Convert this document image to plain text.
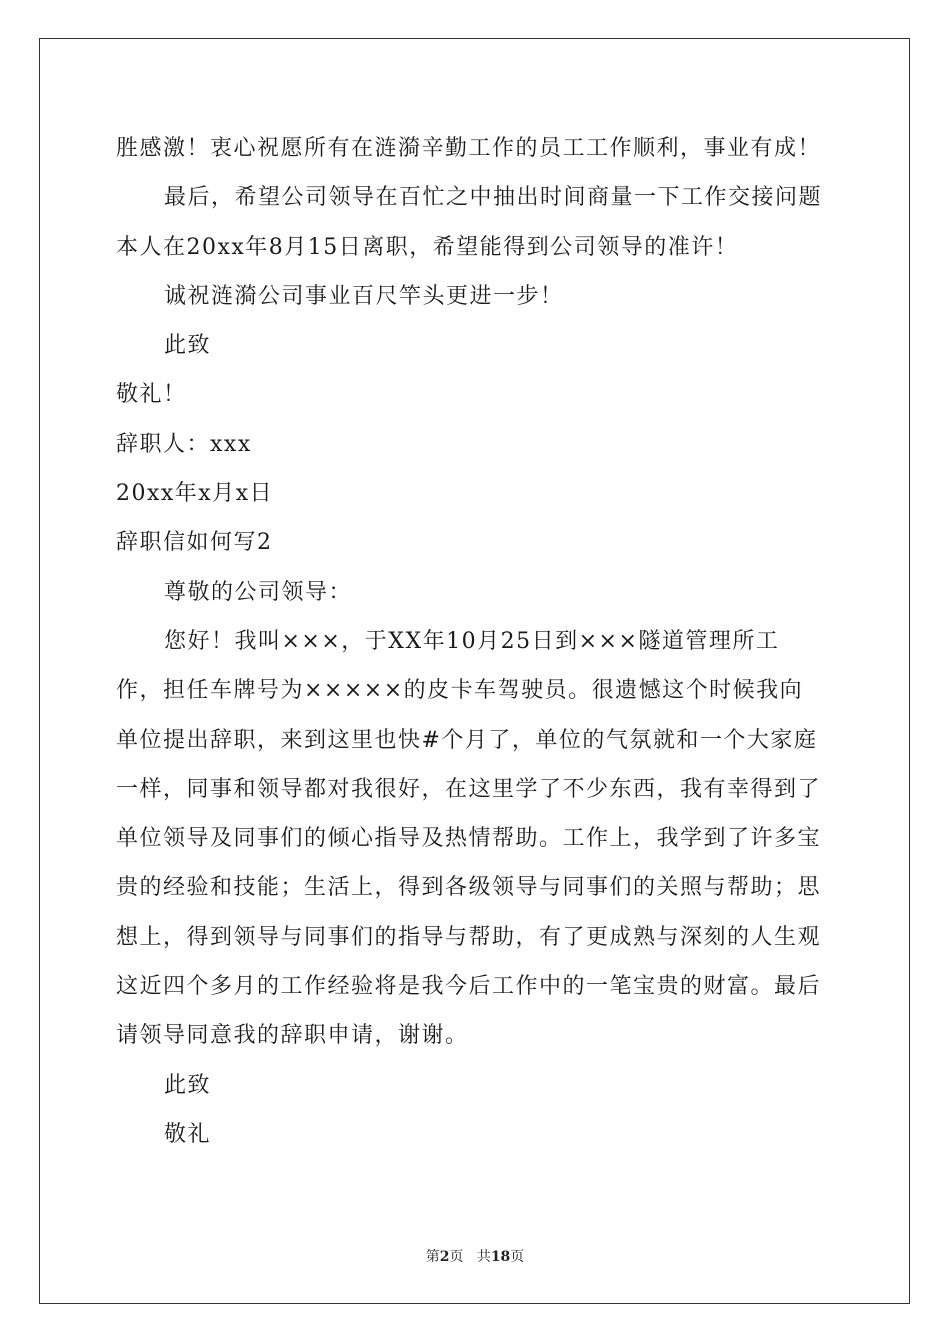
胜感激！衷心祝愿所有在涟漪辛勤工作的员工工作顺利，事业有成！
最后，希望公司领导在百忙之中抽出时间商量一下工作交接问题
本人在20xx年8月15日离职，希望能得到公司领导的准许！
诚祝涟漪公司事业百尺竿头更进一步！
此致
敬礼！
辞职人：xxx
20xx年x月x日
辞职信如何写2
尊敬的公司领导：
您好！我叫×××，于XX年10月25日到×××隧道管理所工
作，担任车牌号为×××××的皮卡车驾驶员。很遗憾这个时候我向
单位提出辞职，来到这里也快#个月了，单位的气氛就和一个大家庭
一样，同事和领导都对我很好，在这里学了不少东西，我有幸得到了
单位领导及同事们的倾心指导及热情帮助。工作上，我学到了许多宝
贵的经验和技能；生活上，得到各级领导与同事们的关照与帮助；思
想上，得到领导与同事们的指导与帮助，有了更成熟与深刻的人生观
这近四个多月的工作经验将是我今后工作中的一笔宝贵的财富。最后
请领导同意我的辞职申请，谢谢。
此致
敬礼
第2页 共18页
